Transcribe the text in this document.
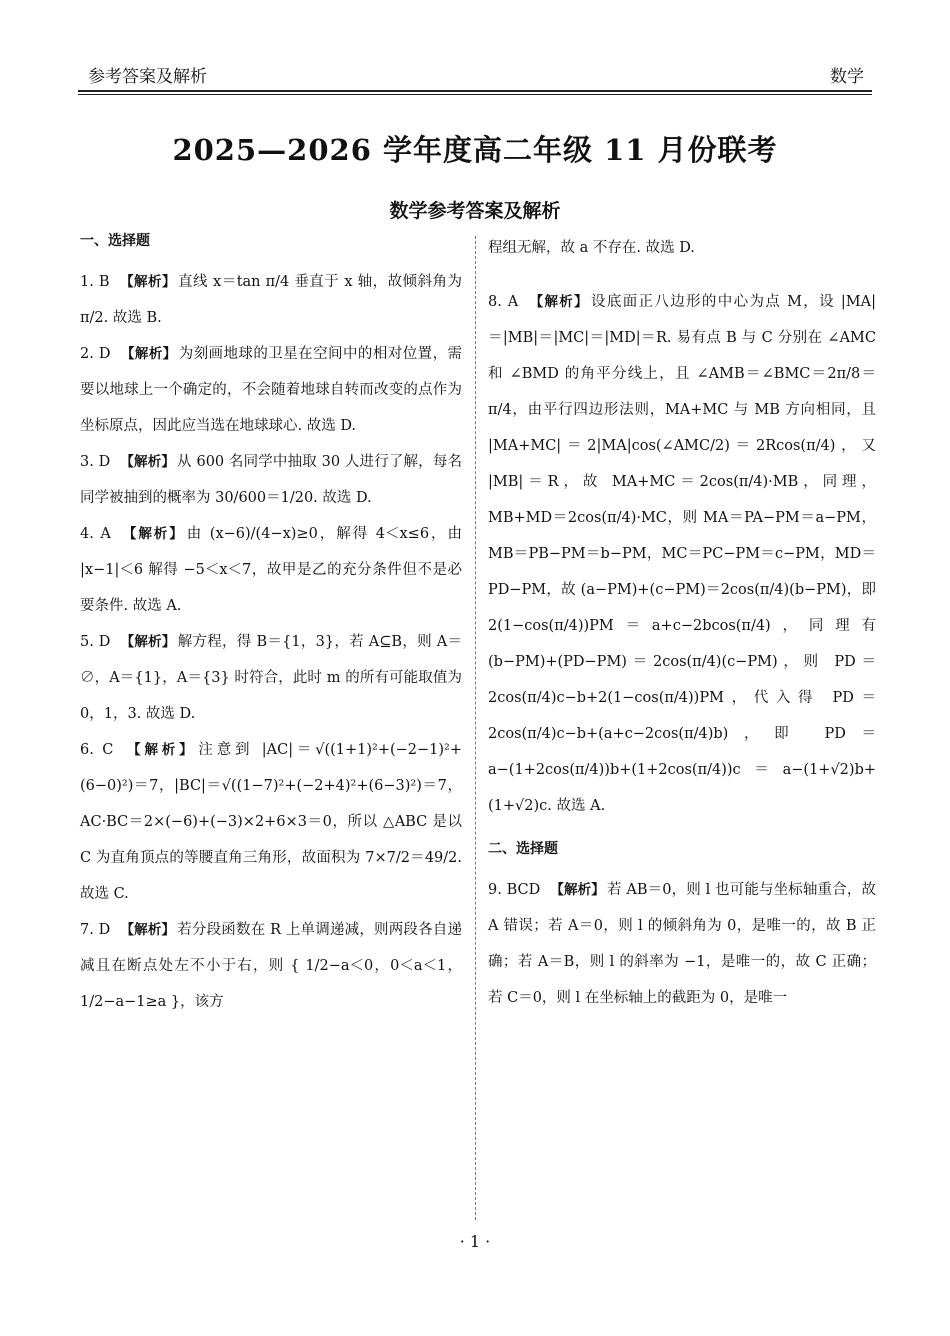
参考答案及解析	数学
2025—2026 学年度高二年级 11 月份联考
数学参考答案及解析

一、选择题

1. B 【解析】 直线 x＝tan π/4 垂直于 x 轴，故倾斜角为 π/2. 故选 B.

2. D 【解析】 为刻画地球的卫星在空间中的相对位置，需要以地球上一个确定的，不会随着地球自转而改变的点作为坐标原点，因此应当选在地球球心. 故选 D.

3. D 【解析】 从 600 名同学中抽取 30 人进行了解，每名同学被抽到的概率为 30/600＝1/20. 故选 D.

4. A 【解析】 由 (x−6)/(4−x)≥0，解得 4＜x≤6，由 |x−1|＜6 解得 −5＜x＜7，故甲是乙的充分条件但不是必要条件. 故选 A.

5. D 【解析】 解方程，得 B＝{1，3}，若 A⊆B，则 A＝∅，A＝{1}，A＝{3} 时符合，此时 m 的所有可能取值为 0，1，3. 故选 D.

6. C 【解析】 注意到 |AC|＝√((1+1)²+(−2−1)²+(6−0)²)＝7，|BC|＝√((1−7)²+(−2+4)²+(6−3)²)＝7，AC·BC＝2×(−6)+(−3)×2+6×3＝0，所以 △ABC 是以 C 为直角顶点的等腰直角三角形，故面积为 7×7/2＝49/2. 故选 C.

7. D 【解析】 若分段函数在 R 上单调递减，则两段各自递减且在断点处左不小于右，则 { 1/2−a＜0，0＜a＜1，1/2−a−1≥a }，该方

程组无解，故 a 不存在. 故选 D.

8. A 【解析】 设底面正八边形的中心为点 M，设 |MA|＝|MB|＝|MC|＝|MD|＝R. 易有点 B 与 C 分别在 ∠AMC 和 ∠BMD 的角平分线上，且 ∠AMB＝∠BMC＝2π/8＝π/4，由平行四边形法则，MA+MC 与 MB 方向相同，且 |MA+MC|＝2|MA|cos(∠AMC/2)＝2Rcos(π/4)，又 |MB|＝R，故 MA+MC＝2cos(π/4)·MB，同理，MB+MD＝2cos(π/4)·MC，则 MA＝PA−PM＝a−PM，MB＝PB−PM＝b−PM，MC＝PC−PM＝c−PM，MD＝PD−PM，故 (a−PM)+(c−PM)＝2cos(π/4)(b−PM)，即 2(1−cos(π/4))PM＝a+c−2bcos(π/4)，同理有 (b−PM)+(PD−PM)＝2cos(π/4)(c−PM)，则 PD＝2cos(π/4)c−b+2(1−cos(π/4))PM，代入得 PD＝2cos(π/4)c−b+(a+c−2cos(π/4)b)，即 PD＝a−(1+2cos(π/4))b+(1+2cos(π/4))c＝a−(1+√2)b+(1+√2)c. 故选 A.

二、选择题

9. BCD 【解析】 若 AB＝0，则 l 也可能与坐标轴重合，故 A 错误；若 A＝0，则 l 的倾斜角为 0，是唯一的，故 B 正确；若 A＝B，则 l 的斜率为 −1，是唯一的，故 C 正确；若 C＝0，则 l 在坐标轴上的截距为 0，是唯一

· 1 ·
